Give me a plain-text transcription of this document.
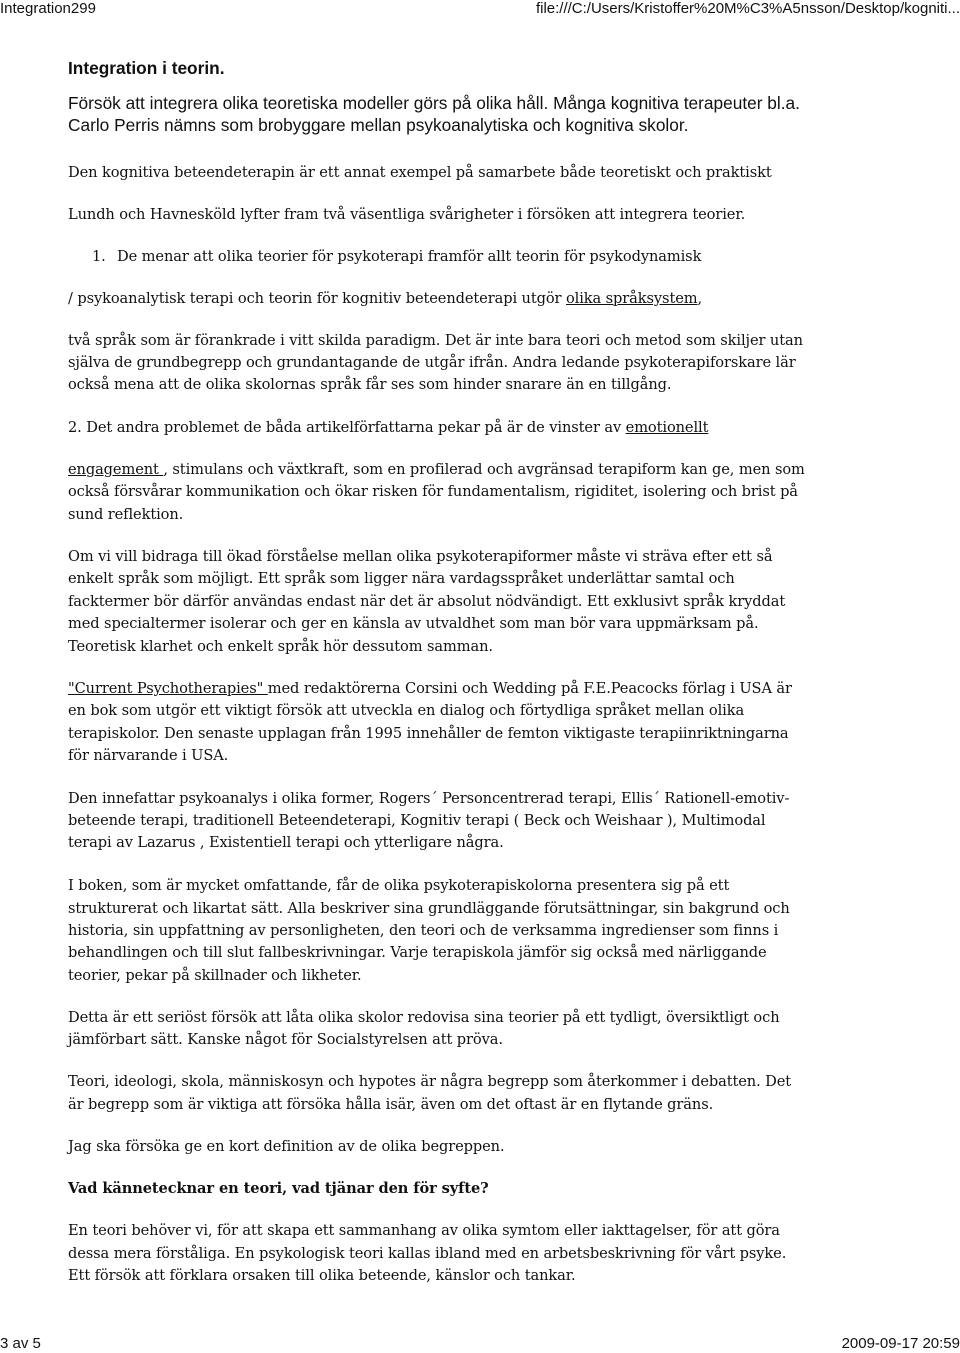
Integration299	file:///C:/Users/Kristoffer%20M%C3%A5nsson/Desktop/kogniti...
Integration i teorin.
Försök att integrera olika teoretiska modeller görs på olika håll. Många kognitiva terapeuter bl.a.
Carlo Perris nämns som brobyggare mellan psykoanalytiska och kognitiva skolor.
Den kognitiva beteendeterapin är ett annat exempel på samarbete både teoretiskt och praktiskt
Lundh och Havnesköld lyfter fram två väsentliga svårigheter i försöken att integrera teorier.
1. De menar att olika teorier för psykoterapi framför allt teorin för psykodynamisk
/ psykoanalytisk terapi och teorin för kognitiv beteendeterapi utgör olika språksystem,
två språk som är förankrade i vitt skilda paradigm. Det är inte bara teori och metod som skiljer utan
själva de grundbegrepp och grundantagande de utgår ifrån. Andra ledande psykoterapiforskare lär
också mena att de olika skolornas språk får ses som hinder snarare än en tillgång.
2. Det andra problemet de båda artikelförfattarna pekar på är de vinster av emotionellt
engagement , stimulans och växtkraft, som en profilerad och avgränsad terapiform kan ge, men som
också försvårar kommunikation och ökar risken för fundamentalism, rigiditet, isolering och brist på
sund reflektion.
Om vi vill bidraga till ökad förståelse mellan olika psykoterapiformer måste vi sträva efter ett så
enkelt språk som möjligt. Ett språk som ligger nära vardagsspråket underlättar samtal och
facktermer bör därför användas endast när det är absolut nödvändigt. Ett exklusivt språk kryddat
med specialtermer isolerar och ger en känsla av utvaldhet som man bör vara uppmärksam på.
Teoretisk klarhet och enkelt språk hör dessutom samman.
"Current Psychotherapies" med redaktörerna Corsini och Wedding på F.E.Peacocks förlag i USA är
en bok som utgör ett viktigt försök att utveckla en dialog och förtydliga språket mellan olika
terapiskolor. Den senaste upplagan från 1995 innehåller de femton viktigaste terapiinriktningarna
för närvarande i USA.
Den innefattar psykoanalys i olika former, Rogers´ Personcentrerad terapi, Ellis´ Rationell-emotiv-
beteende terapi, traditionell Beteendeterapi, Kognitiv terapi ( Beck och Weishaar ), Multimodal
terapi av Lazarus , Existentiell terapi och ytterligare några.
I boken, som är mycket omfattande, får de olika psykoterapiskolorna presentera sig på ett
strukturerat och likartat sätt. Alla beskriver sina grundläggande förutsättningar, sin bakgrund och
historia, sin uppfattning av personligheten, den teori och de verksamma ingredienser som finns i
behandlingen och till slut fallbeskrivningar. Varje terapiskola jämför sig också med närliggande
teorier, pekar på skillnader och likheter.
Detta är ett seriöst försök att låta olika skolor redovisa sina teorier på ett tydligt, översiktligt och
jämförbart sätt. Kanske något för Socialstyrelsen att pröva.
Teori, ideologi, skola, människosyn och hypotes är några begrepp som återkommer i debatten. Det
är begrepp som är viktiga att försöka hålla isär, även om det oftast är en flytande gräns.
Jag ska försöka ge en kort definition av de olika begreppen.
Vad kännetecknar en teori, vad tjänar den för syfte?
En teori behöver vi, för att skapa ett sammanhang av olika symtom eller iakttagelser, för att göra
dessa mera förståliga. En psykologisk teori kallas ibland med en arbetsbeskrivning för vårt psyke.
Ett försök att förklara orsaken till olika beteende, känslor och tankar.
3 av 5	2009-09-17 20:59
